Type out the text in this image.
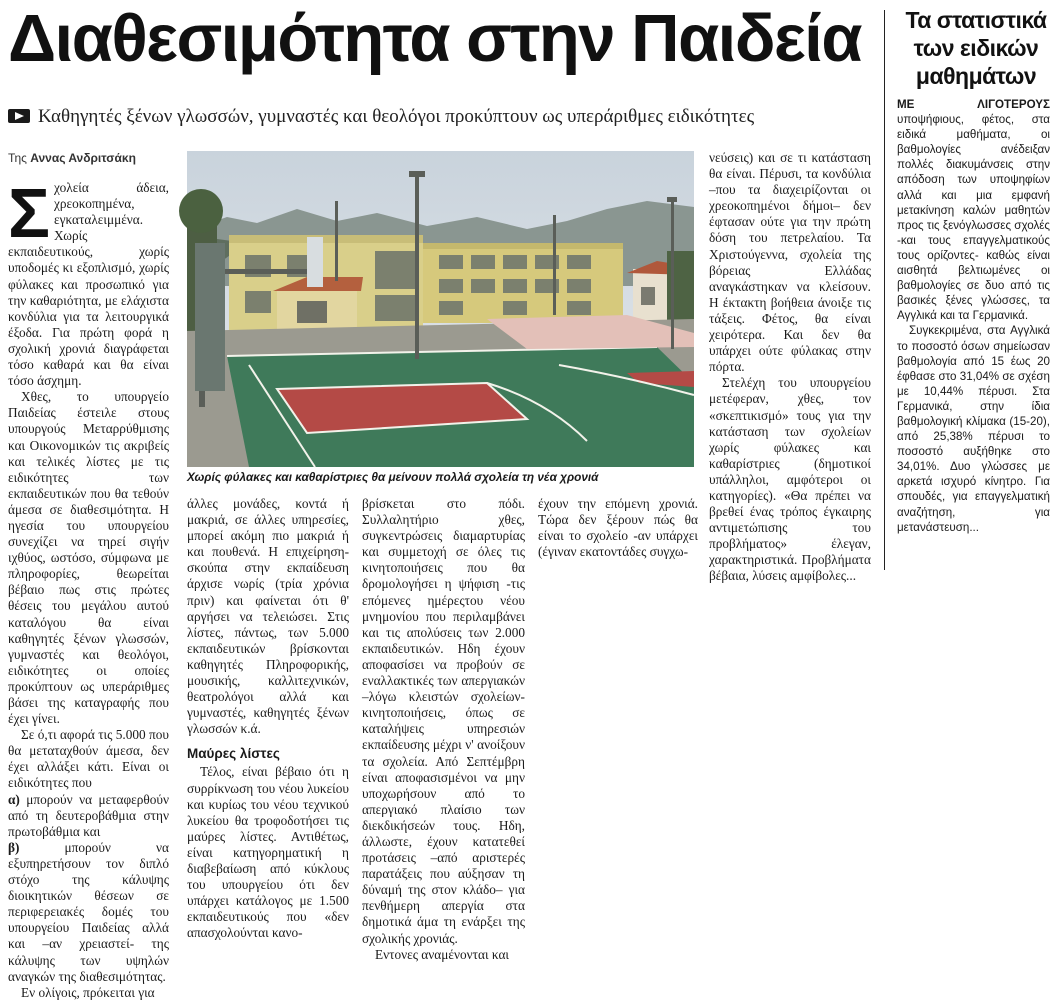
Διαθεσιμότητα στην Παιδεία
Καθηγητές ξένων γλωσσών, γυμναστές και θεολόγοι προκύπτουν ως υπεράριθμες ειδικότητες
Της Αννας Ανδριτσάκη

Σχολεία άδεια, χρεοκοπημένα, εγκαταλειμμένα. Χωρίς εκπαιδευτικούς, χωρίς υποδομές κι εξοπλισμό, χωρίς φύλακες και προσωπικό για την καθαριότητα, με ελάχιστα κονδύλια για τα λειτουργικά έξοδα. Για πρώτη φορά η σχολική χρονιά διαγράφεται τόσο καθαρά και θα είναι τόσο άσχημη.

Χθες, το υπουργείο Παιδείας έστειλε στους υπουργούς Μεταρρύθμισης και Οικονομικών τις ακριβείς και τελικές λίστες με τις ειδικότητες των εκπαιδευτικών που θα τεθούν άμεσα σε διαθεσιμότητα. Η ηγεσία του υπουργείου συνεχίζει να τηρεί σιγήν ιχθύος, ωστόσο, σύμφωνα με πληροφορίες, θεωρείται βέβαιο πως στις πρώτες θέσεις του μεγάλου αυτού καταλόγου θα είναι καθηγητές ξένων γλωσσών, γυμναστές και θεολόγοι, ειδικότητες οι οποίες προκύπτουν ως υπεράριθμες βάσει της καταγραφής που έχει γίνει.

Σε ό,τι αφορά τις 5.000 που θα μεταταχθούν άμεσα, δεν έχει αλλάξει κάτι. Είναι οι ειδικότητες που

α) μπορούν να μεταφερθούν από τη δευτεροβάθμια στην πρωτοβάθμια και

β) μπορούν να εξυπηρετήσουν τον διπλό στόχο της κάλυψης διοικητικών θέσεων σε περιφερειακές δομές του υπουργείου Παιδείας αλλά και –αν χρειαστεί- της κάλυψης των υψηλών αναγκών της διαθεσιμότητας.

Εν ολίγοις, πρόκειται για

Χωρίς φύλακες και καθαρίστριες θα μείνουν πολλά σχολεία τη νέα χρονιά

άλλες μονάδες, κοντά ή μακριά, σε άλλες υπηρεσίες, μπορεί ακόμη πιο μακριά ή και πουθενά. Η επιχείρηση-σκούπα στην εκπαίδευση άρχισε νωρίς (τρία χρόνια πριν) και φαίνεται ότι θ' αργήσει να τελειώσει. Στις λίστες, πάντως, των 5.000 εκπαιδευτικών βρίσκονται καθηγητές Πληροφορικής, μουσικής, καλλιτεχνικών, θεατρολόγοι αλλά και γυμναστές, καθηγητές ξένων γλωσσών κ.ά.

Μαύρες λίστες

Τέλος, είναι βέβαιο ότι η συρρίκνωση του νέου λυκείου και κυρίως του νέου τεχνικού λυκείου θα τροφοδοτήσει τις μαύρες λίστες. Αντιθέτως, είναι κατηγορηματική η διαβεβαίωση από κύκλους του υπουργείου ότι δεν υπάρχει κατάλογος με 1.500 εκπαιδευτικούς που «δεν απασχολούνται κανο-

βρίσκεται στο πόδι. Συλλαλητήριο χθες, συγκεντρώσεις διαμαρτυρίας και συμμετοχή σε όλες τις κινητοποιήσεις που θα δρομολογήσει η ψήφιση -τις επόμενες ημέρεςτου νέου μνημονίου που περιλαμβάνει και τις απολύσεις των 2.000 εκπαιδευτικών. Ηδη έχουν αποφασίσει να προβούν σε εναλλακτικές των απεργιακών –λόγω κλειστών σχολείων- κινητοποιήσεις, όπως σε καταλήψεις υπηρεσιών εκπαίδευσης μέχρι ν' ανοίξουν τα σχολεία. Από Σεπτέμβρη είναι αποφασισμένοι να μην υποχωρήσουν από το απεργιακό πλαίσιο των διεκδικήσεών τους. Ηδη, άλλωστε, έχουν κατατεθεί προτάσεις –από αριστερές παρατάξεις που αύξησαν τη δύναμή της στον κλάδο– για πενθήμερη απεργία στα δημοτικά άμα τη ενάρξει της σχολικής χρονιάς.

Εντονες αναμένονται και

έχουν την επόμενη χρονιά. Τώρα δεν ξέρουν πώς θα είναι το σχολείο -αν υπάρχει (έγιναν εκατοντάδες συγχω-

νεύσεις) και σε τι κατάσταση θα είναι. Πέρυσι, τα κονδύλια –που τα διαχειρίζονται οι χρεοκοπημένοι δήμοι– δεν έφτασαν ούτε για την πρώτη δόση του πετρελαίου. Τα Χριστούγεννα, σχολεία της βόρειας Ελλάδας αναγκάστηκαν να κλείσουν. Η έκτακτη βοήθεια άνοιξε τις τάξεις. Φέτος, θα είναι χειρότερα. Και δεν θα υπάρχει ούτε φύλακας στην πόρτα.

Στελέχη του υπουργείου μετέφεραν, χθες, τον «σκεπτικισμό» τους για την κατάσταση των σχολείων χωρίς φύλακες και καθαρίστριες (δημοτικοί υπάλληλοι, αμφότεροι οι κατηγορίες). «Θα πρέπει να βρεθεί ένας τρόπος έγκαιρης αντιμετώπισης του προβλήματος» έλεγαν, χαρακτηριστικά. Προβλήματα βέβαια, λύσεις αμφίβολες...

Τα στατιστικά των ειδικών μαθημάτων

ΜΕ ΛΙΓΟΤΕΡΟΥΣ υποψήφιους, φέτος, στα ειδικά μαθήματα, οι βαθμολογίες ανέδειξαν πολλές διακυμάνσεις στην απόδοση των υποψηφίων αλλά και μια εμφανή μετακίνηση καλών μαθητών προς τις ξενόγλωσσες σχολές -και τους επαγγελματικούς τους ορίζοντες- καθώς είναι αισθητά βελτιωμένες οι βαθμολογίες σε δυο από τις βασικές ξένες γλώσσες, τα Αγγλικά και τα Γερμανικά.

Συγκεκριμένα, στα Αγγλικά το ποσοστό όσων σημείωσαν βαθμολογία από 15 έως 20 έφθασε στο 31,04% σε σχέση με 10,44% πέρυσι. Στα Γερμανικά, στην ίδια βαθμολογική κλίμακα (15-20), από 25,38% πέρυσι το ποσοστό αυξήθηκε στο 34,01%. Δυο γλώσσες με αρκετά ισχυρό κίνητρο. Για σπουδές, για επαγγελματική αναζήτηση, για μετανάστευση...
